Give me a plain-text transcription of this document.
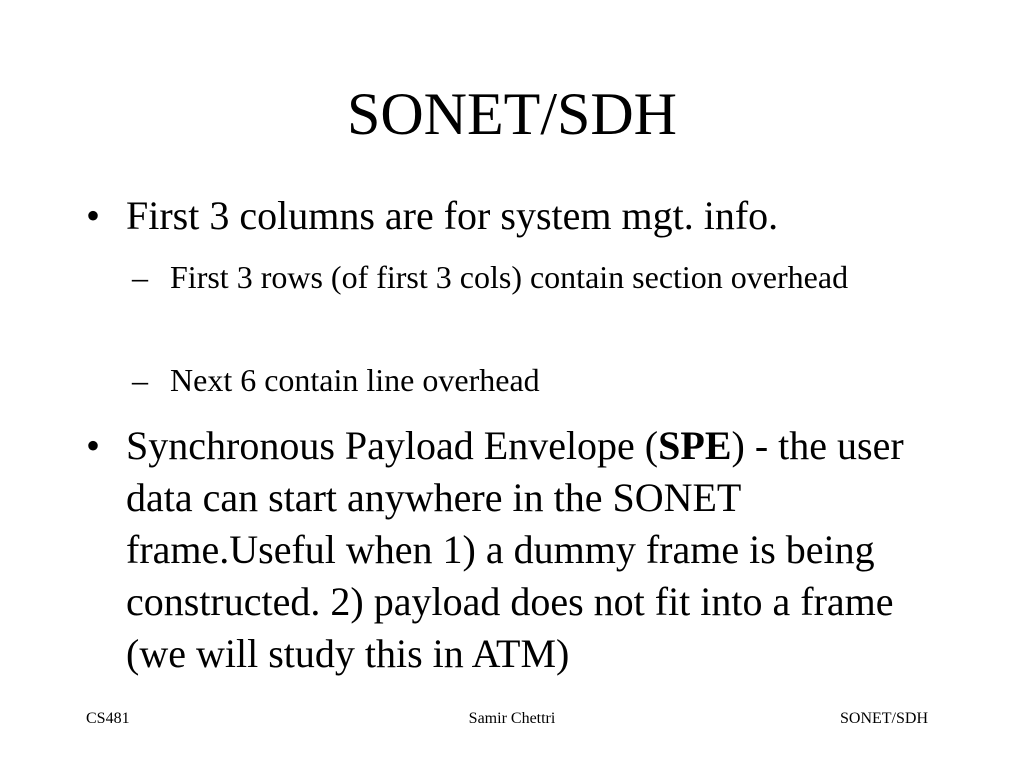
SONET/SDH
• First 3 columns are for system mgt. info.
– First 3 rows (of first 3 cols) contain section overhead
– Next 6 contain line overhead
• Synchronous Payload Envelope (SPE) - the user data can start anywhere in the SONET frame.Useful when 1) a dummy frame is being constructed. 2) payload does not fit into a frame (we will study this in ATM)
CS481	Samir Chettri	SONET/SDH
